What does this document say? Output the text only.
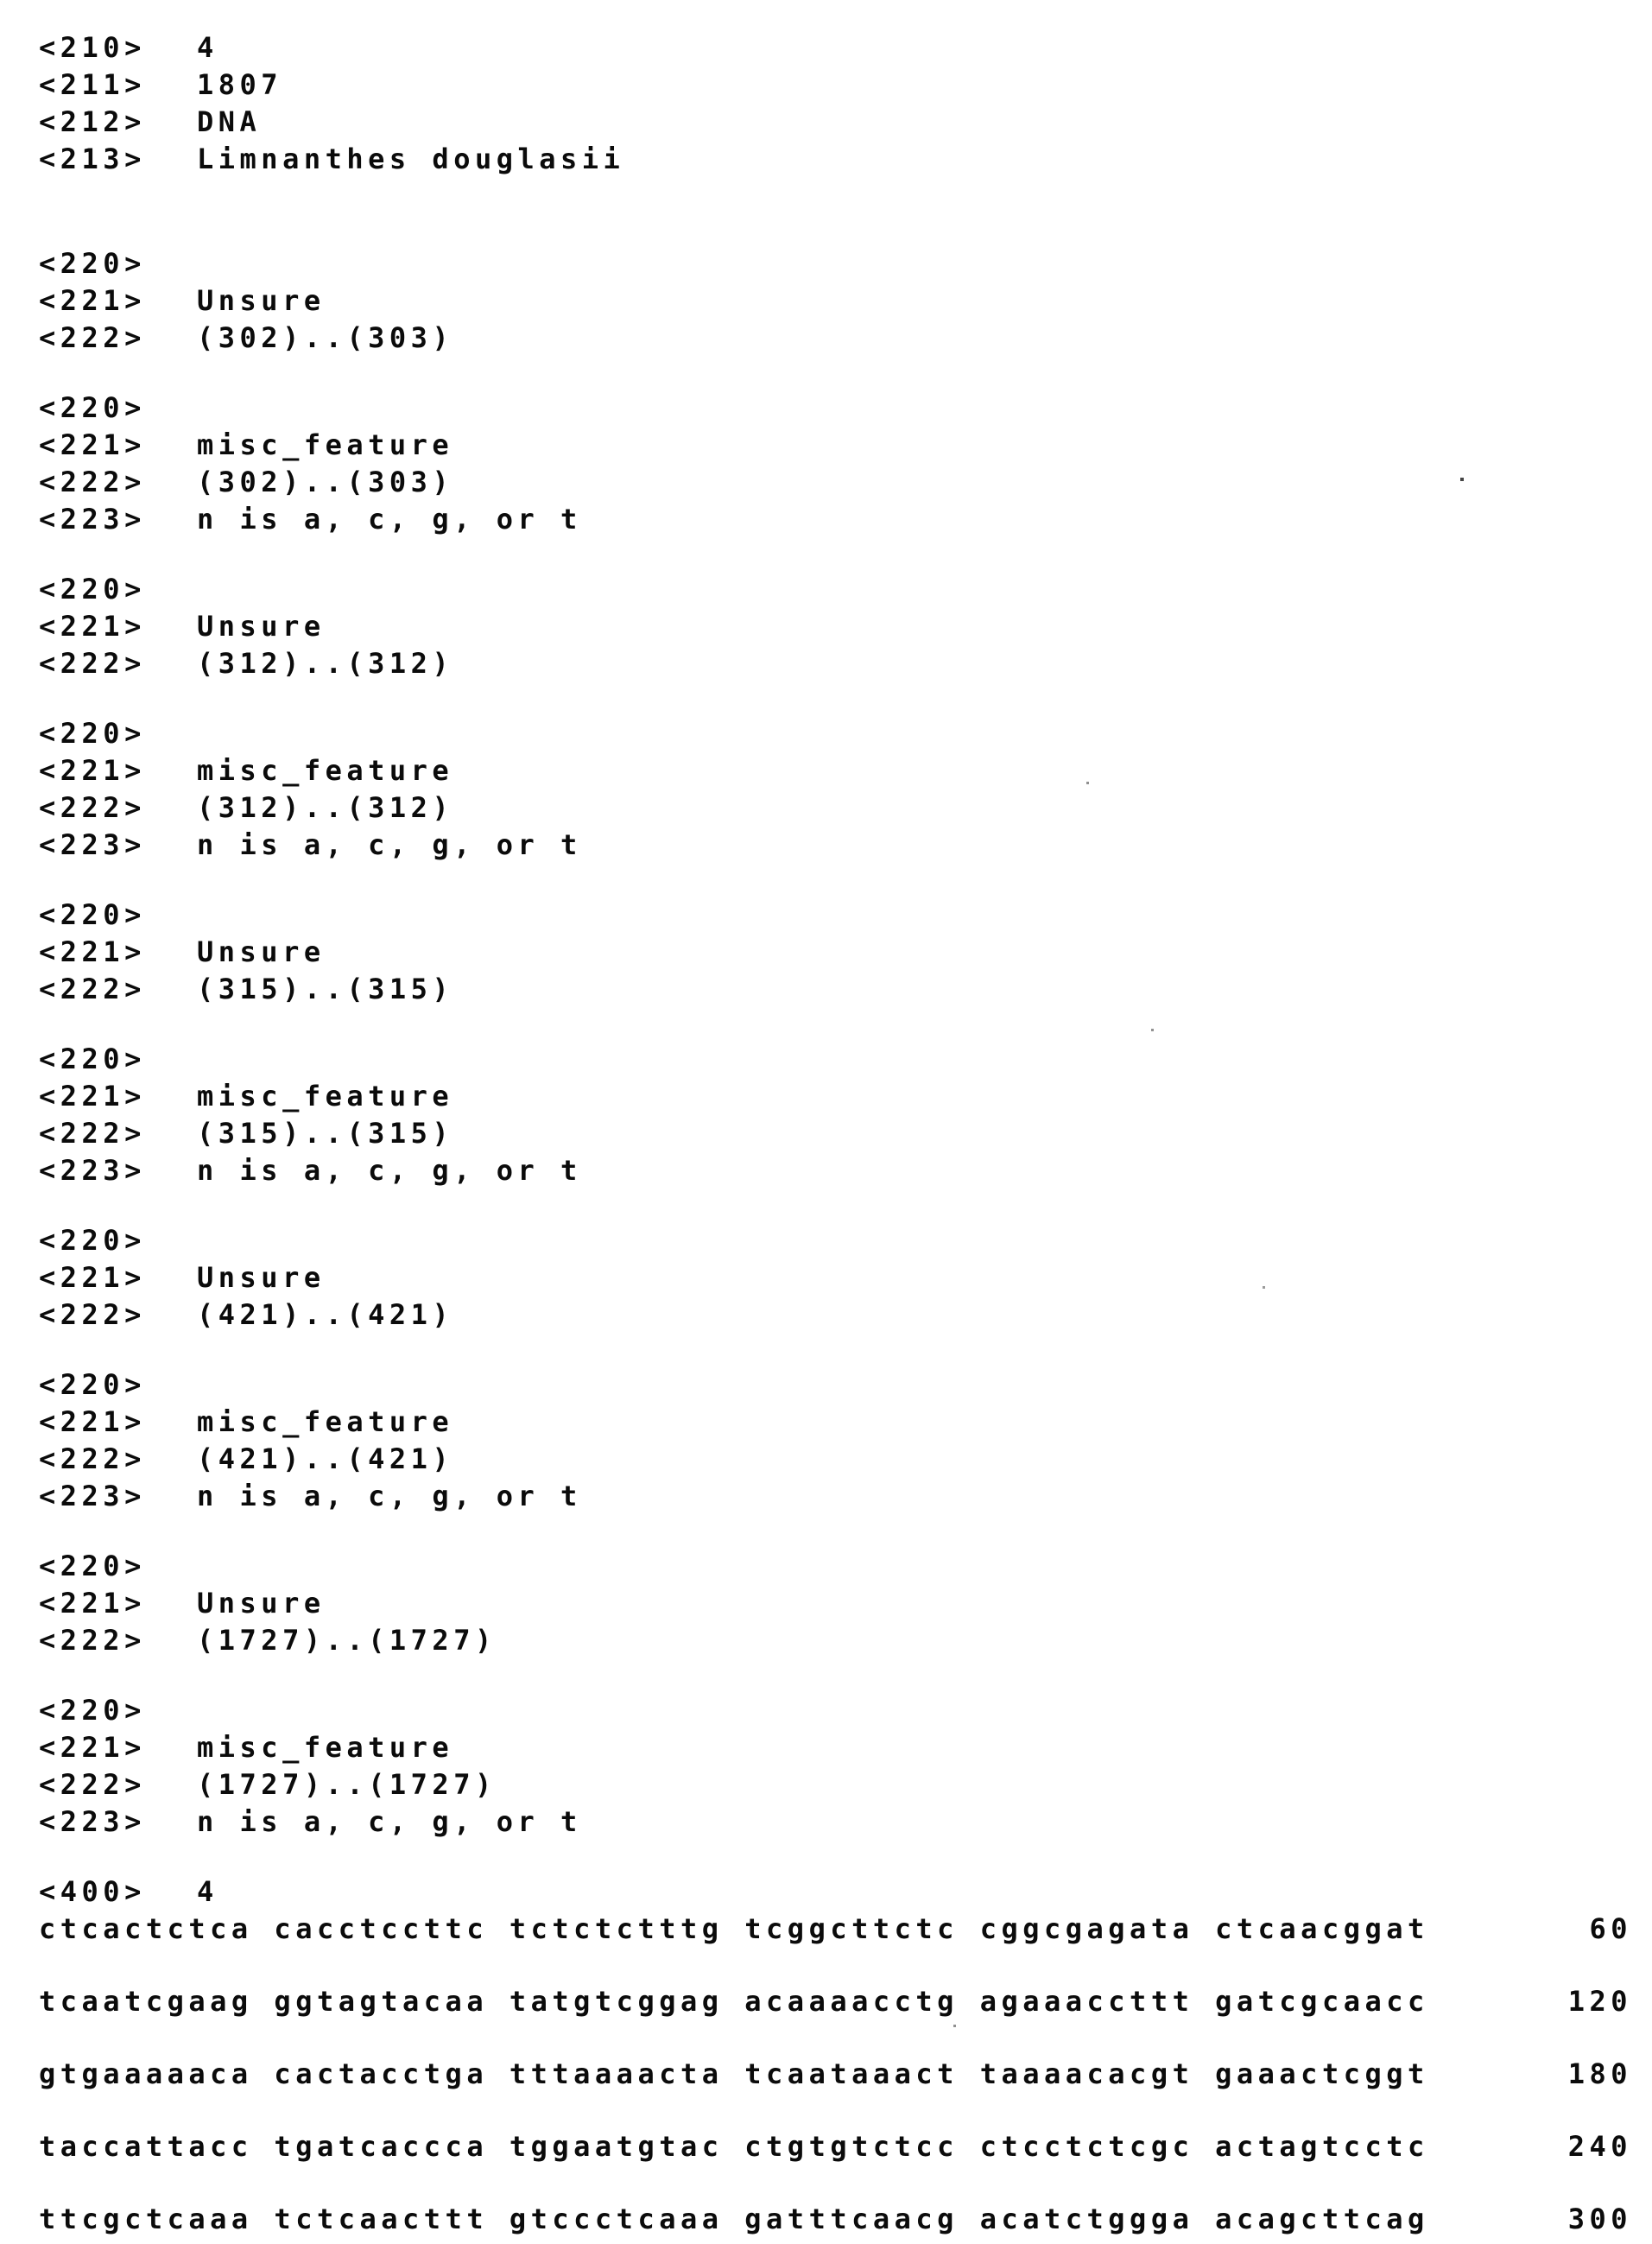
<210> 4
<211> 1807
<212> DNA
<213> Limnanthes douglasii
<220>
<221> Unsure
<222> (302)..(303)
<220>
<221> misc_feature
<222> (302)..(303)
<223> n is a, c, g, or t
<220>
<221> Unsure
<222> (312)..(312)
<220>
<221> misc_feature
<222> (312)..(312)
<223> n is a, c, g, or t
<220>
<221> Unsure
<222> (315)..(315)
<220>
<221> misc_feature
<222> (315)..(315)
<223> n is a, c, g, or t
<220>
<221> Unsure
<222> (421)..(421)
<220>
<221> misc_feature
<222> (421)..(421)
<223> n is a, c, g, or t
<220>
<221> Unsure
<222> (1727)..(1727)
<220>
<221> misc_feature
<222> (1727)..(1727)
<223> n is a, c, g, or t
<400> 4
ctcactctca cacctccttc tctctctttg tcggcttctc cggcgagata ctcaacggat	60
tcaatcgaag ggtagtacaa tatgtcggag acaaaacctg agaaaccttt gatcgcaacc	120
gtgaaaaaca cactacctga tttaaaacta tcaataaact taaaacacgt gaaactcggt	180
taccattacc tgatcaccca tggaatgtac ctgtgtctcc ctcctctcgc actagtcctc	240
ttcgctcaaa tctcaacttt gtccctcaaa gatttcaacg acatctggga acagcttcag	300
